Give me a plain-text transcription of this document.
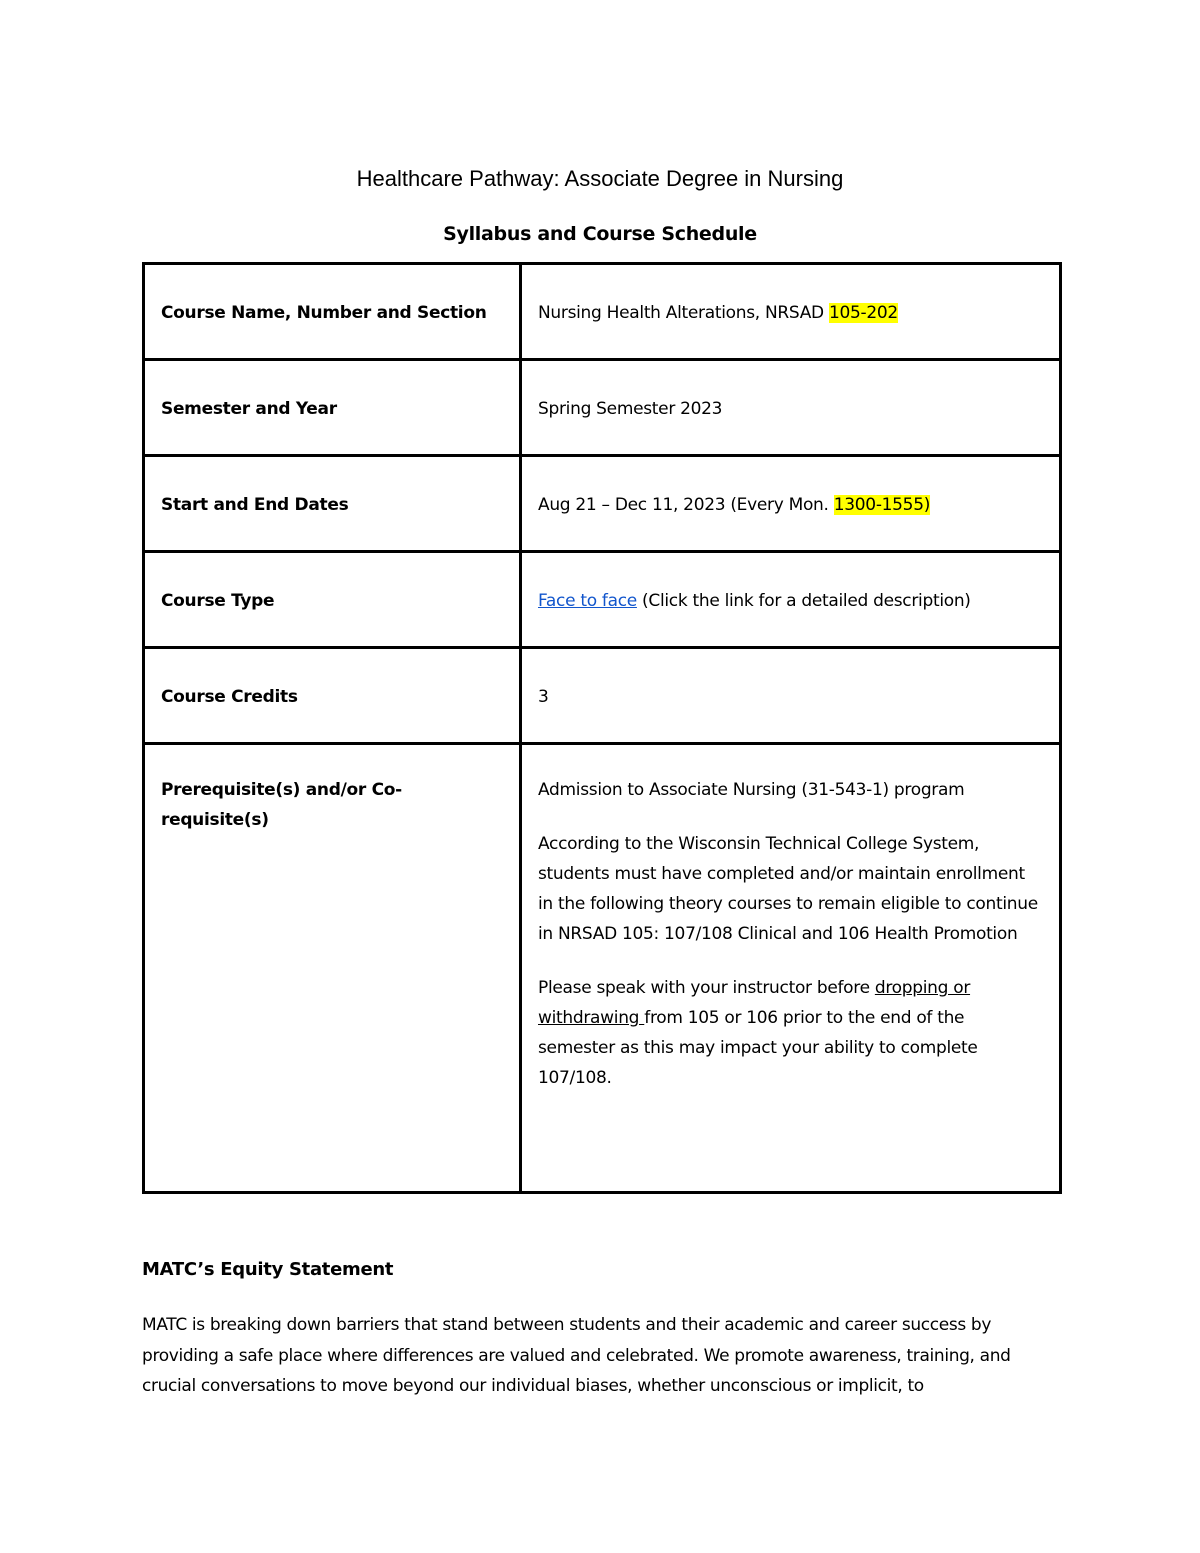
Healthcare Pathway: Associate Degree in Nursing
Syllabus and Course Schedule
Course Name, Number and Section	Nursing Health Alterations, NRSAD 105-202

Semester and Year	Spring Semester 2023

Start and End Dates	Aug 21 – Dec 11, 2023 (Every Mon. 1300-1555)

Course Type	Face to face (Click the link for a detailed description)

Course Credits	3

Prerequisite(s) and/or Co-requisite(s)	Admission to Associate Nursing (31-543-1) program

According to the Wisconsin Technical College System, students must have completed and/or maintain enrollment in the following theory courses to remain eligible to continue in NRSAD 105: 107/108 Clinical and 106 Health Promotion

Please speak with your instructor before dropping or withdrawing from 105 or 106 prior to the end of the semester as this may impact your ability to complete 107/108.

MATC’s Equity Statement

MATC is breaking down barriers that stand between students and their academic and career success by providing a safe place where differences are valued and celebrated. We promote awareness, training, and crucial conversations to move beyond our individual biases, whether unconscious or implicit, to
